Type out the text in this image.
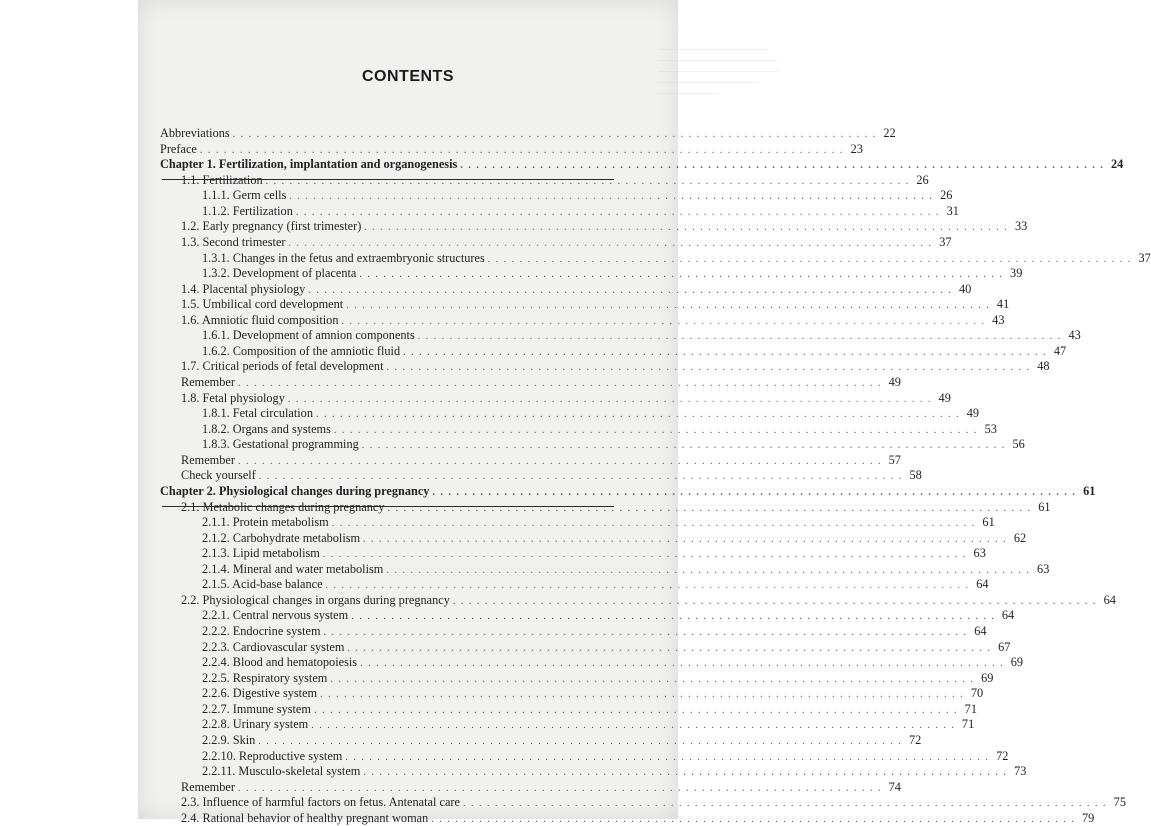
———————————
————————————
————————————
——————————
——————
CONTENTS
Abbreviations . . . . . . . . . . . . . . . . . . . . . . . . . . . . . . . . . . . . . . . . . . . . . . . . . . . . . . . . . . . . . . . . . . . . . . . . . . . . . . . . . 22
Preface . . . . . . . . . . . . . . . . . . . . . . . . . . . . . . . . . . . . . . . . . . . . . . . . . . . . . . . . . . . . . . . . . . . . . . . . . . . . . . . . . 23
Chapter 1. Fertilization, implantation and organogenesis . . . . . . . . . . . . . . . . . . . . . . . . . . . . . . . . . . . . . . . . . . . . . . . . . . . . . . . . . . . . . . . . . . . . . . . . . . . . . . . . . 24
1.1. Fertilization . . . . . . . . . . . . . . . . . . . . . . . . . . . . . . . . . . . . . . . . . . . . . . . . . . . . . . . . . . . . . . . . . . . . . . . . . . . . . . . . . 26
1.1.1. Germ cells . . . . . . . . . . . . . . . . . . . . . . . . . . . . . . . . . . . . . . . . . . . . . . . . . . . . . . . . . . . . . . . . . . . . . . . . . . . . . . . . . 26
1.1.2. Fertilization . . . . . . . . . . . . . . . . . . . . . . . . . . . . . . . . . . . . . . . . . . . . . . . . . . . . . . . . . . . . . . . . . . . . . . . . . . . . . . . . . 31
1.2. Early pregnancy (first trimester) . . . . . . . . . . . . . . . . . . . . . . . . . . . . . . . . . . . . . . . . . . . . . . . . . . . . . . . . . . . . . . . . . . . . . . . . . . . . . . . . . 33
1.3. Second trimester . . . . . . . . . . . . . . . . . . . . . . . . . . . . . . . . . . . . . . . . . . . . . . . . . . . . . . . . . . . . . . . . . . . . . . . . . . . . . . . . . 37
1.3.1. Changes in the fetus and extraembryonic structures . . . . . . . . . . . . . . . . . . . . . . . . . . . . . . . . . . . . . . . . . . . . . . . . . . . . . . . . . . . . . . . . . . . . . . . . . . . . . . . . . 37
1.3.2. Development of placenta . . . . . . . . . . . . . . . . . . . . . . . . . . . . . . . . . . . . . . . . . . . . . . . . . . . . . . . . . . . . . . . . . . . . . . . . . . . . . . . . . 39
1.4. Placental physiology . . . . . . . . . . . . . . . . . . . . . . . . . . . . . . . . . . . . . . . . . . . . . . . . . . . . . . . . . . . . . . . . . . . . . . . . . . . . . . . . . 40
1.5. Umbilical cord development . . . . . . . . . . . . . . . . . . . . . . . . . . . . . . . . . . . . . . . . . . . . . . . . . . . . . . . . . . . . . . . . . . . . . . . . . . . . . . . . . 41
1.6. Amniotic fluid composition . . . . . . . . . . . . . . . . . . . . . . . . . . . . . . . . . . . . . . . . . . . . . . . . . . . . . . . . . . . . . . . . . . . . . . . . . . . . . . . . . 43
1.6.1. Development of amnion components . . . . . . . . . . . . . . . . . . . . . . . . . . . . . . . . . . . . . . . . . . . . . . . . . . . . . . . . . . . . . . . . . . . . . . . . . . . . . . . . . 43
1.6.2. Composition of the amniotic fluid . . . . . . . . . . . . . . . . . . . . . . . . . . . . . . . . . . . . . . . . . . . . . . . . . . . . . . . . . . . . . . . . . . . . . . . . . . . . . . . . . 47
1.7. Critical periods of fetal development . . . . . . . . . . . . . . . . . . . . . . . . . . . . . . . . . . . . . . . . . . . . . . . . . . . . . . . . . . . . . . . . . . . . . . . . . . . . . . . . . 48
Remember . . . . . . . . . . . . . . . . . . . . . . . . . . . . . . . . . . . . . . . . . . . . . . . . . . . . . . . . . . . . . . . . . . . . . . . . . . . . . . . . . 49
1.8. Fetal physiology . . . . . . . . . . . . . . . . . . . . . . . . . . . . . . . . . . . . . . . . . . . . . . . . . . . . . . . . . . . . . . . . . . . . . . . . . . . . . . . . . 49
1.8.1. Fetal circulation . . . . . . . . . . . . . . . . . . . . . . . . . . . . . . . . . . . . . . . . . . . . . . . . . . . . . . . . . . . . . . . . . . . . . . . . . . . . . . . . . 49
1.8.2. Organs and systems . . . . . . . . . . . . . . . . . . . . . . . . . . . . . . . . . . . . . . . . . . . . . . . . . . . . . . . . . . . . . . . . . . . . . . . . . . . . . . . . . 53
1.8.3. Gestational programming . . . . . . . . . . . . . . . . . . . . . . . . . . . . . . . . . . . . . . . . . . . . . . . . . . . . . . . . . . . . . . . . . . . . . . . . . . . . . . . . . 56
Remember . . . . . . . . . . . . . . . . . . . . . . . . . . . . . . . . . . . . . . . . . . . . . . . . . . . . . . . . . . . . . . . . . . . . . . . . . . . . . . . . . 57
Check yourself . . . . . . . . . . . . . . . . . . . . . . . . . . . . . . . . . . . . . . . . . . . . . . . . . . . . . . . . . . . . . . . . . . . . . . . . . . . . . . . . . 58
Chapter 2. Physiological changes during pregnancy . . . . . . . . . . . . . . . . . . . . . . . . . . . . . . . . . . . . . . . . . . . . . . . . . . . . . . . . . . . . . . . . . . . . . . . . . . . . . . . . . 61
2.1. Metabolic changes during pregnancy . . . . . . . . . . . . . . . . . . . . . . . . . . . . . . . . . . . . . . . . . . . . . . . . . . . . . . . . . . . . . . . . . . . . . . . . . . . . . . . . . 61
2.1.1. Protein metabolism . . . . . . . . . . . . . . . . . . . . . . . . . . . . . . . . . . . . . . . . . . . . . . . . . . . . . . . . . . . . . . . . . . . . . . . . . . . . . . . . . 61
2.1.2. Carbohydrate metabolism . . . . . . . . . . . . . . . . . . . . . . . . . . . . . . . . . . . . . . . . . . . . . . . . . . . . . . . . . . . . . . . . . . . . . . . . . . . . . . . . . 62
2.1.3. Lipid metabolism . . . . . . . . . . . . . . . . . . . . . . . . . . . . . . . . . . . . . . . . . . . . . . . . . . . . . . . . . . . . . . . . . . . . . . . . . . . . . . . . . 63
2.1.4. Mineral and water metabolism . . . . . . . . . . . . . . . . . . . . . . . . . . . . . . . . . . . . . . . . . . . . . . . . . . . . . . . . . . . . . . . . . . . . . . . . . . . . . . . . . 63
2.1.5. Acid-base balance . . . . . . . . . . . . . . . . . . . . . . . . . . . . . . . . . . . . . . . . . . . . . . . . . . . . . . . . . . . . . . . . . . . . . . . . . . . . . . . . . 64
2.2. Physiological changes in organs during pregnancy . . . . . . . . . . . . . . . . . . . . . . . . . . . . . . . . . . . . . . . . . . . . . . . . . . . . . . . . . . . . . . . . . . . . . . . . . . . . . . . . . 64
2.2.1. Central nervous system . . . . . . . . . . . . . . . . . . . . . . . . . . . . . . . . . . . . . . . . . . . . . . . . . . . . . . . . . . . . . . . . . . . . . . . . . . . . . . . . . 64
2.2.2. Endocrine system . . . . . . . . . . . . . . . . . . . . . . . . . . . . . . . . . . . . . . . . . . . . . . . . . . . . . . . . . . . . . . . . . . . . . . . . . . . . . . . . . 64
2.2.3. Cardiovascular system . . . . . . . . . . . . . . . . . . . . . . . . . . . . . . . . . . . . . . . . . . . . . . . . . . . . . . . . . . . . . . . . . . . . . . . . . . . . . . . . . 67
2.2.4. Blood and hematopoiesis . . . . . . . . . . . . . . . . . . . . . . . . . . . . . . . . . . . . . . . . . . . . . . . . . . . . . . . . . . . . . . . . . . . . . . . . . . . . . . . . . 69
2.2.5. Respiratory system . . . . . . . . . . . . . . . . . . . . . . . . . . . . . . . . . . . . . . . . . . . . . . . . . . . . . . . . . . . . . . . . . . . . . . . . . . . . . . . . . 69
2.2.6. Digestive system . . . . . . . . . . . . . . . . . . . . . . . . . . . . . . . . . . . . . . . . . . . . . . . . . . . . . . . . . . . . . . . . . . . . . . . . . . . . . . . . . 70
2.2.7. Immune system . . . . . . . . . . . . . . . . . . . . . . . . . . . . . . . . . . . . . . . . . . . . . . . . . . . . . . . . . . . . . . . . . . . . . . . . . . . . . . . . . 71
2.2.8. Urinary system . . . . . . . . . . . . . . . . . . . . . . . . . . . . . . . . . . . . . . . . . . . . . . . . . . . . . . . . . . . . . . . . . . . . . . . . . . . . . . . . . 71
2.2.9. Skin . . . . . . . . . . . . . . . . . . . . . . . . . . . . . . . . . . . . . . . . . . . . . . . . . . . . . . . . . . . . . . . . . . . . . . . . . . . . . . . . . 72
2.2.10. Reproductive system . . . . . . . . . . . . . . . . . . . . . . . . . . . . . . . . . . . . . . . . . . . . . . . . . . . . . . . . . . . . . . . . . . . . . . . . . . . . . . . . . 72
2.2.11. Musculo-skeletal system . . . . . . . . . . . . . . . . . . . . . . . . . . . . . . . . . . . . . . . . . . . . . . . . . . . . . . . . . . . . . . . . . . . . . . . . . . . . . . . . . 73
Remember . . . . . . . . . . . . . . . . . . . . . . . . . . . . . . . . . . . . . . . . . . . . . . . . . . . . . . . . . . . . . . . . . . . . . . . . . . . . . . . . . 74
2.3. Influence of harmful factors on fetus. Antenatal care . . . . . . . . . . . . . . . . . . . . . . . . . . . . . . . . . . . . . . . . . . . . . . . . . . . . . . . . . . . . . . . . . . . . . . . . . . . . . . . . . 75
2.4. Rational behavior of healthy pregnant woman . . . . . . . . . . . . . . . . . . . . . . . . . . . . . . . . . . . . . . . . . . . . . . . . . . . . . . . . . . . . . . . . . . . . . . . . . . . . . . . . . 79
